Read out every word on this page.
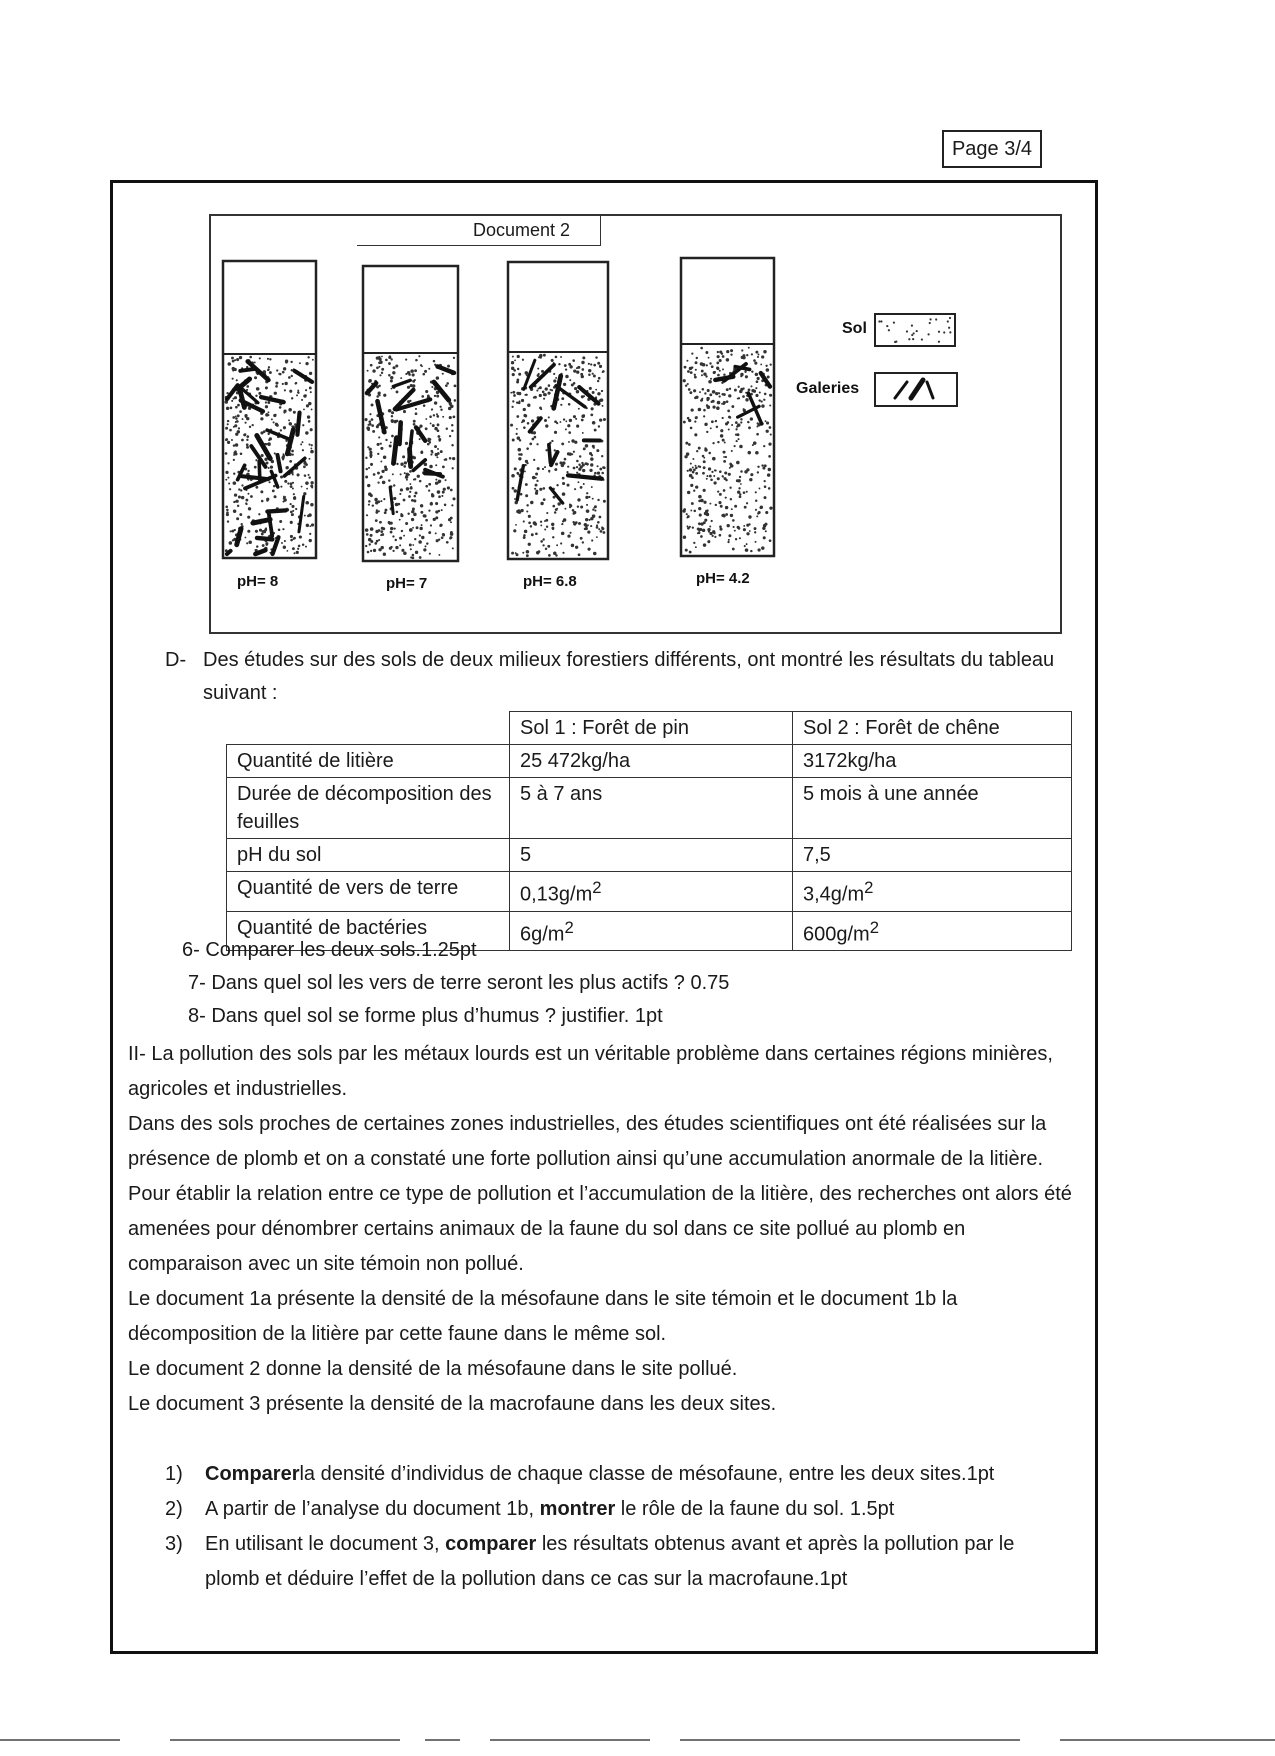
Page 3/4
pH= 8	pH= 7	pH= 6.8	pH= 4.2
Sol
Galeries
Document 2
D- Des études sur des sols de deux milieux forestiers différents, ont montré les résultats du tableau suivant :
	Sol 1 : Forêt de pin	Sol 2 : Forêt de chêne
Quantité de litière	25 472kg/ha	3172kg/ha
Durée de décomposition des feuilles	5 à 7 ans	5 mois à une année
pH du sol	5	7,5
Quantité de vers de terre	$0,13g/m^2$	$3,4g/m^2$
Quantité de bactéries	$6g/m^2$	$600g/m^2$
6- Comparer les deux sols.1.25pt
7- Dans quel sol les vers de terre seront les plus actifs ? 0.75
8- Dans quel sol se forme plus d’humus ? justifier. 1pt

II- La pollution des sols par les métaux lourds est un véritable problème dans certaines régions minières, agricoles et industrielles.

Dans des sols proches de certaines zones industrielles, des études scientifiques ont été réalisées sur la présence de plomb et on a constaté une forte pollution ainsi qu’une accumulation anormale de la litière. Pour établir la relation entre ce type de pollution et l’accumulation de la litière, des recherches ont alors été amenées pour dénombrer certains animaux de la faune du sol dans ce site pollué au plomb en comparaison avec un site témoin non pollué.

Le document 1a présente la densité de la mésofaune dans le site témoin et le document 1b la décomposition de la litière par cette faune dans le même sol.

Le document 2 donne la densité de la mésofaune dans le site pollué.

Le document 3 présente la densité de la macrofaune dans les deux sites.

1) Comparerla densité d’individus de chaque classe de mésofaune, entre les deux sites.1pt
2) A partir de l’analyse du document 1b, montrer le rôle de la faune du sol. 1.5pt
3) En utilisant le document 3, comparer les résultats obtenus avant et après la pollution par le plomb et déduire l’effet de la pollution dans ce cas sur la macrofaune.1pt
